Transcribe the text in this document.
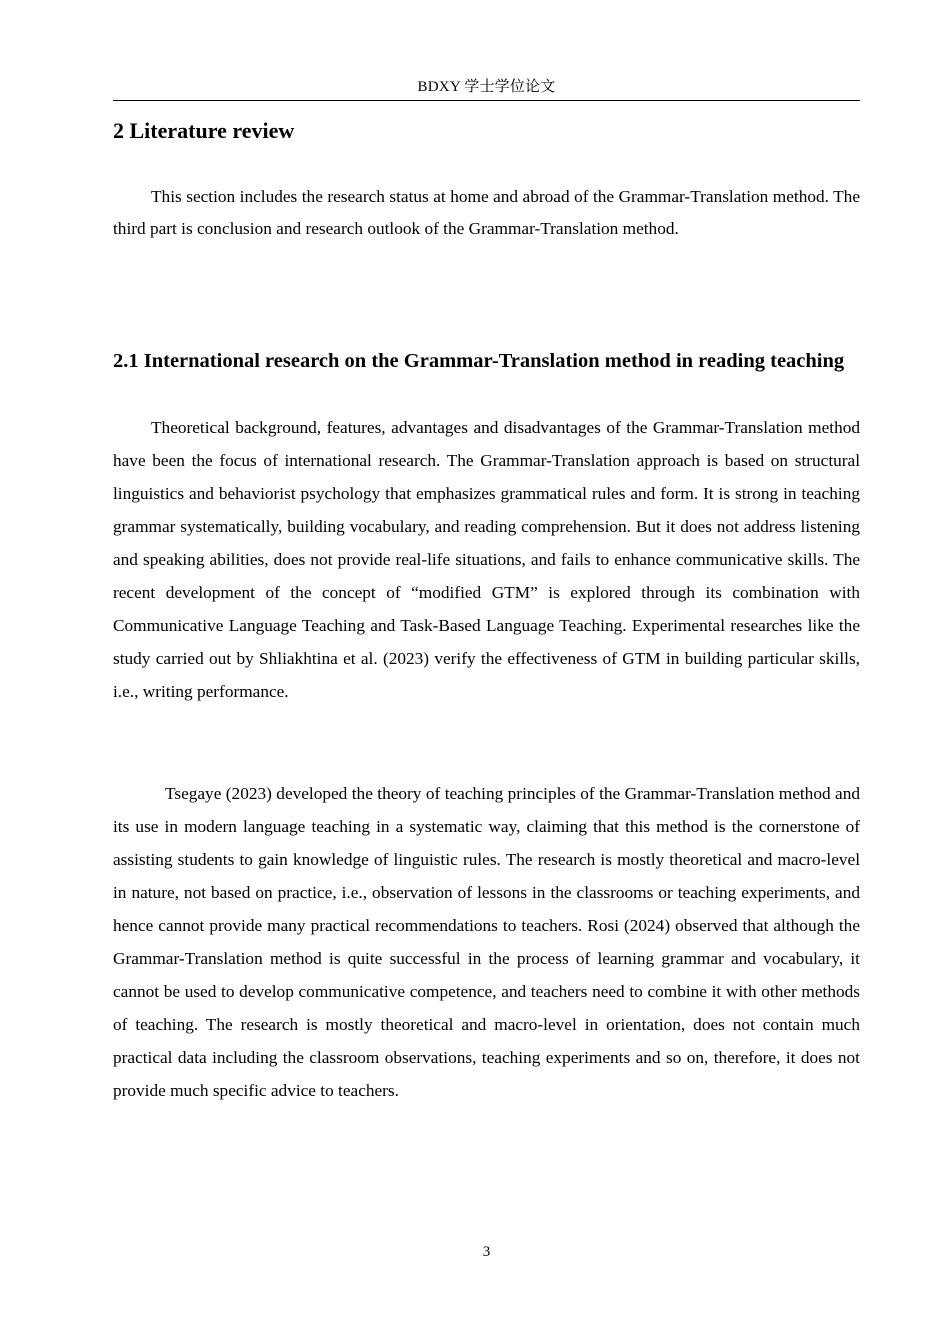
BDXY 学士学位论文
2 Literature review

This section includes the research status at home and abroad of the Grammar-Translation method. The third part is conclusion and research outlook of the Grammar-Translation method.

2.1 International research on the Grammar-Translation method in reading teaching

Theoretical background, features, advantages and disadvantages of the Grammar-Translation method have been the focus of international research. The Grammar-Translation approach is based on structural linguistics and behaviorist psychology that emphasizes grammatical rules and form. It is strong in teaching grammar systematically, building vocabulary, and reading comprehension. But it does not address listening and speaking abilities, does not provide real-life situations, and fails to enhance communicative skills. The recent development of the concept of “modified GTM” is explored through its combination with Communicative Language Teaching and Task-Based Language Teaching. Experimental researches like the study carried out by Shliakhtina et al. (2023) verify the effectiveness of GTM in building particular skills, i.e., writing performance.

Tsegaye (2023) developed the theory of teaching principles of the Grammar-Translation method and its use in modern language teaching in a systematic way, claiming that this method is the cornerstone of assisting students to gain knowledge of linguistic rules. The research is mostly theoretical and macro-level in nature, not based on practice, i.e., observation of lessons in the classrooms or teaching experiments, and hence cannot provide many practical recommendations to teachers. Rosi (2024) observed that although the Grammar-Translation method is quite successful in the process of learning grammar and vocabulary, it cannot be used to develop communicative competence, and teachers need to combine it with other methods of teaching. The research is mostly theoretical and macro-level in orientation, does not contain much practical data including the classroom observations, teaching experiments and so on, therefore, it does not provide much specific advice to teachers.

3
